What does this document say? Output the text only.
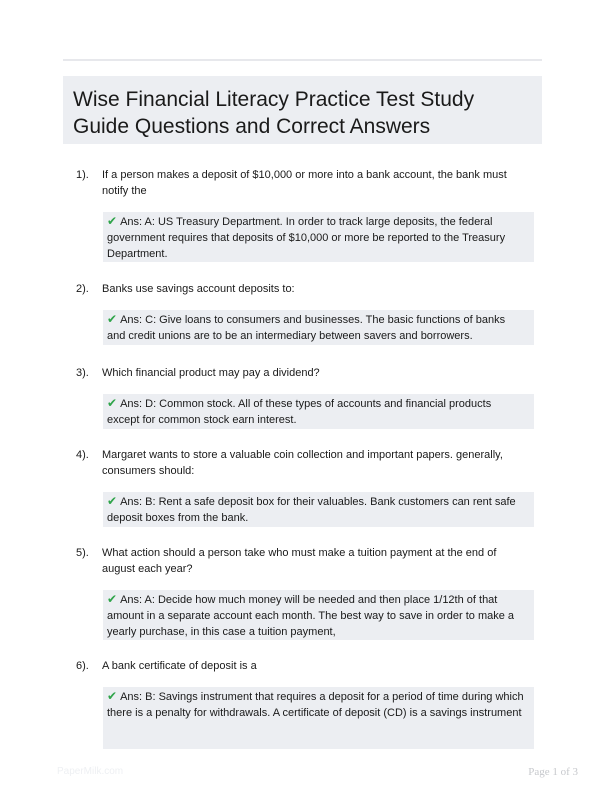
Wise Financial Literacy Practice Test Study Guide Questions and Correct Answers
1). If a person makes a deposit of $10,000 or more into a bank account, the bank must notify the
✔ Ans: A: US Treasury Department. In order to track large deposits, the federal government requires that deposits of $10,000 or more be reported to the Treasury Department.
2). Banks use savings account deposits to:
✔ Ans: C: Give loans to consumers and businesses. The basic functions of banks and credit unions are to be an intermediary between savers and borrowers.
3). Which financial product may pay a dividend?
✔ Ans: D: Common stock. All of these types of accounts and financial products except for common stock earn interest.
4). Margaret wants to store a valuable coin collection and important papers. generally, consumers should:
✔ Ans: B: Rent a safe deposit box for their valuables. Bank customers can rent safe deposit boxes from the bank.
5). What action should a person take who must make a tuition payment at the end of august each year?
✔ Ans: A: Decide how much money will be needed and then place 1/12th of that amount in a separate account each month. The best way to save in order to make a yearly purchase, in this case a tuition payment,
6). A bank certificate of deposit is a
✔ Ans: B: Savings instrument that requires a deposit for a period of time during which there is a penalty for withdrawals. A certificate of deposit (CD) is a savings instrument
PaperMilk.com	Page 1 of 3
